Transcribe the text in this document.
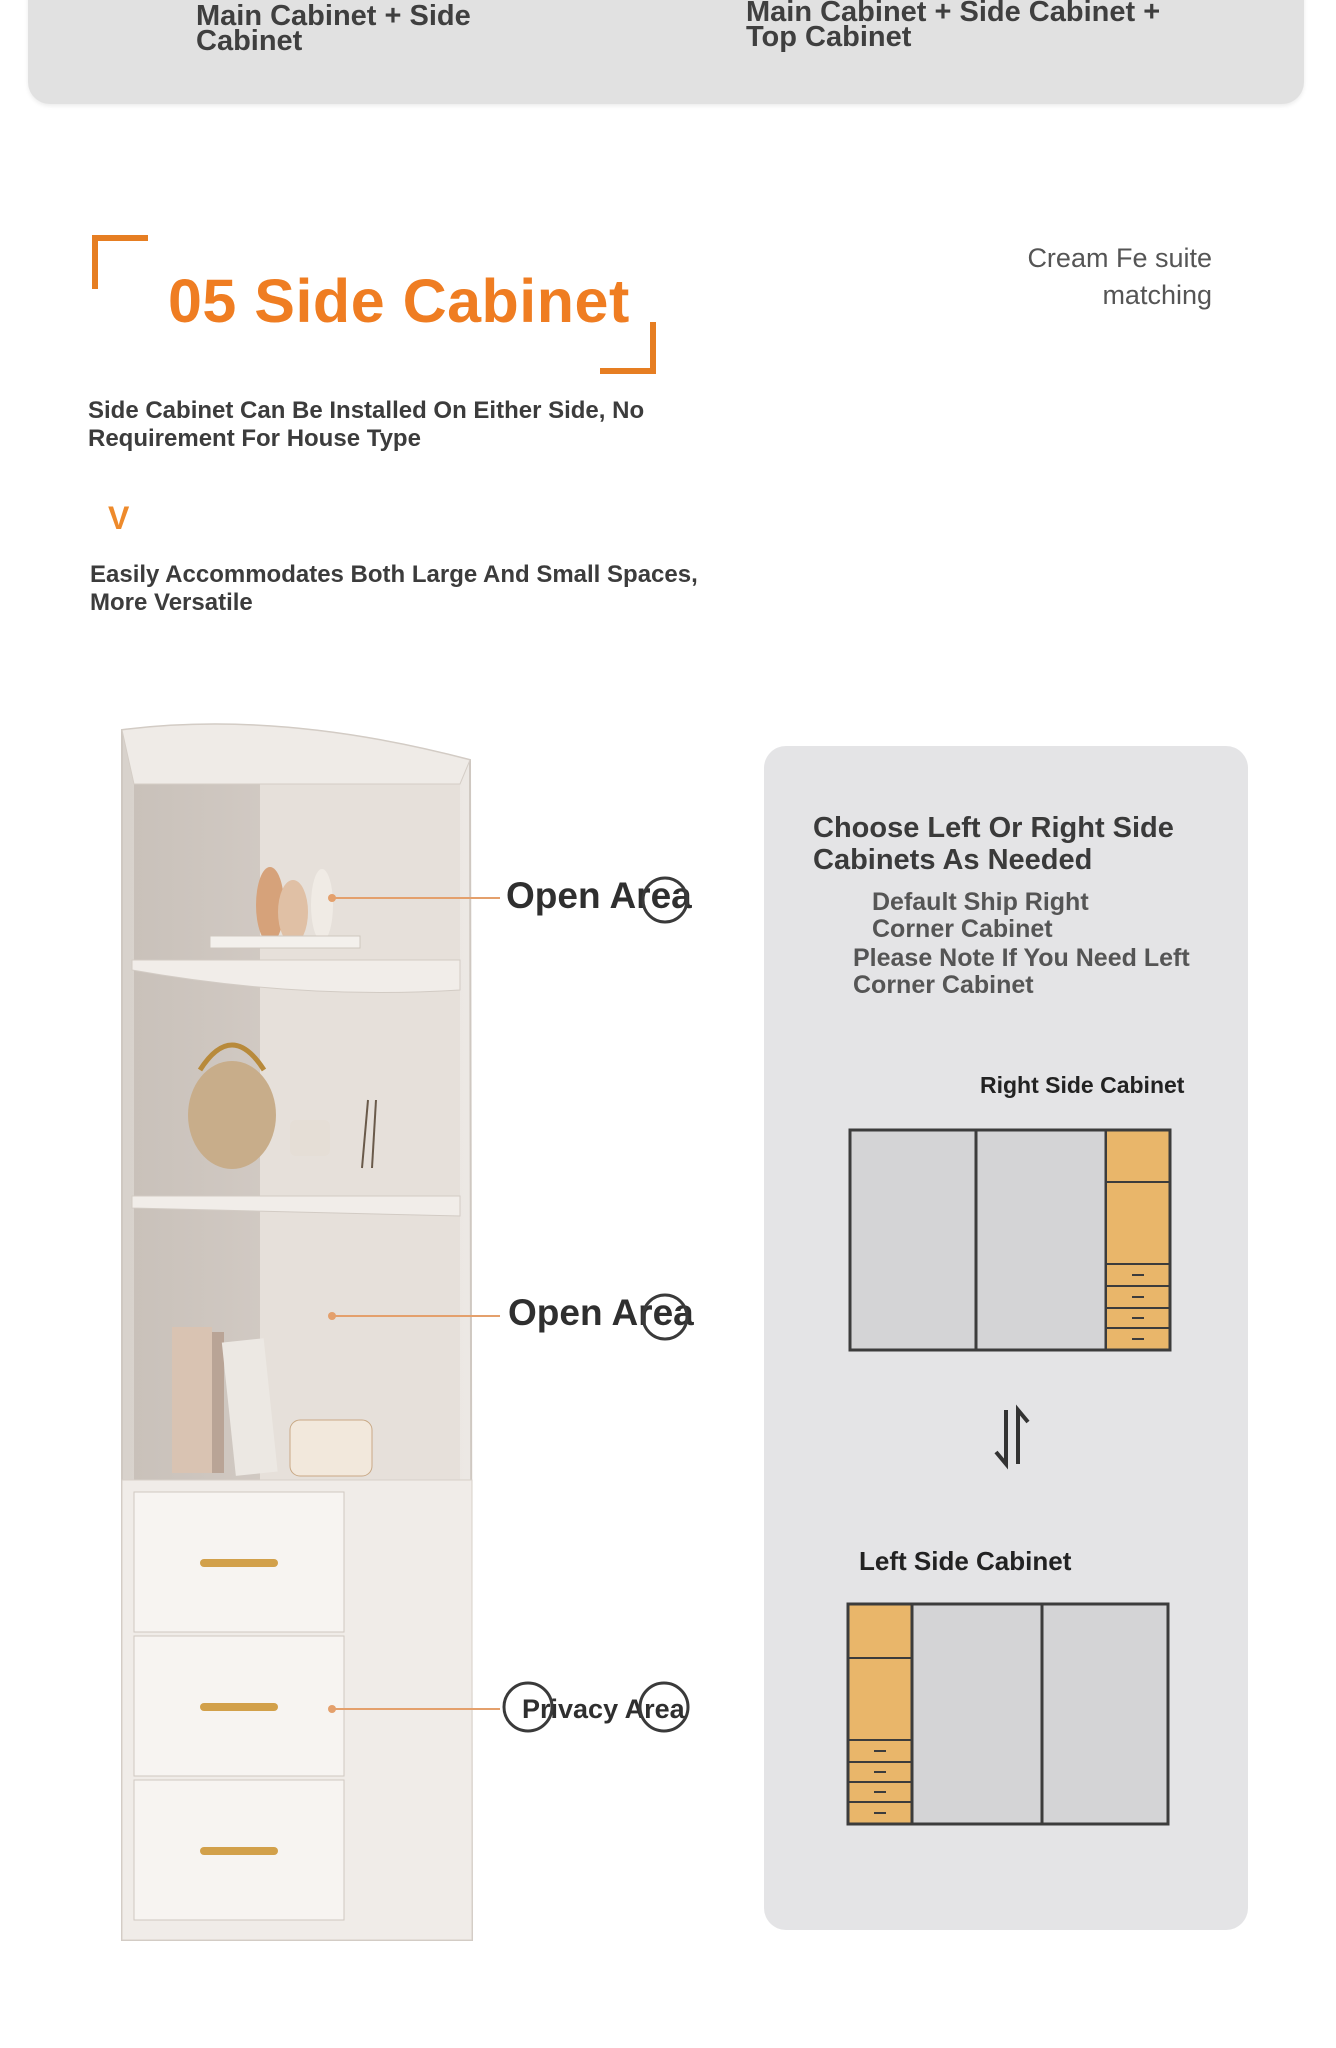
Main Cabinet + Side Cabinet
Main Cabinet + Side Cabinet + Top Cabinet
05 Side Cabinet
Cream Fe suite matching
Side Cabinet Can Be Installed On Either Side, No Requirement For House Type
V
Easily Accommodates Both Large And Small Spaces, More Versatile
Open Area
Open Area
Privacy Area
Choose Left Or Right Side Cabinets As Needed
Default Ship Right Corner Cabinet
Please Note If You Need Left Corner Cabinet
Right Side Cabinet
Left Side Cabinet
